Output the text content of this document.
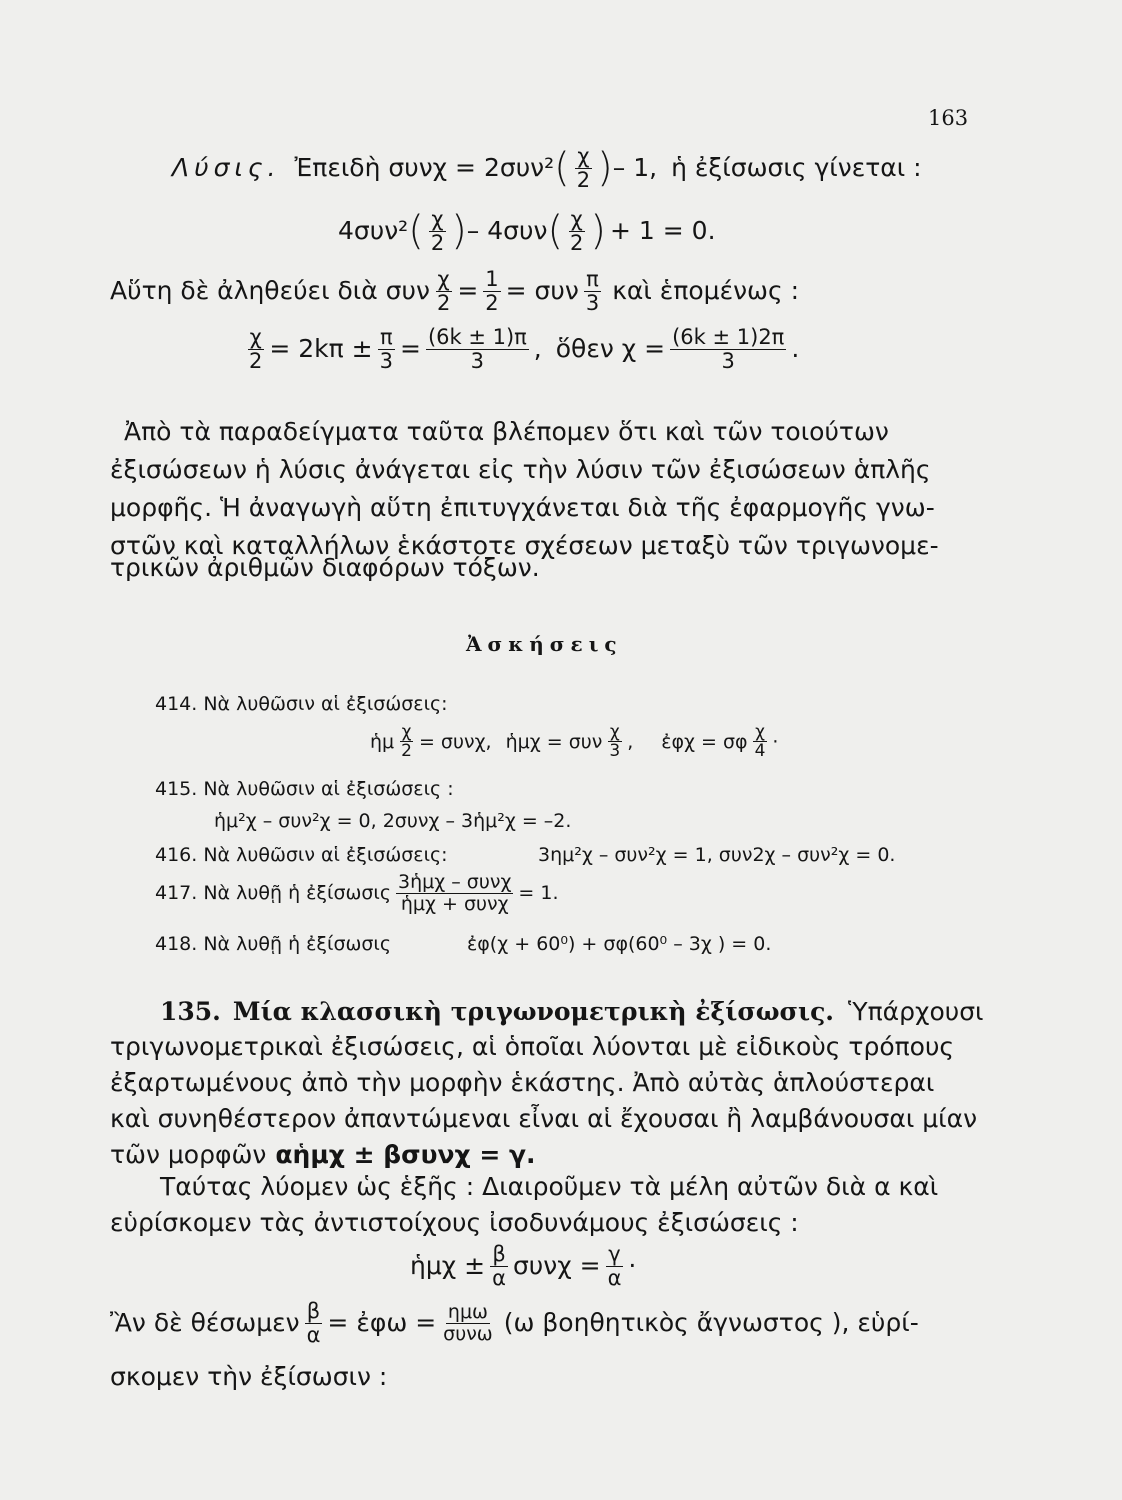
163
Λύσις. Ἐπειδὴ συνχ = 2συν² ( $\frac{\chi}{2}$ ) – 1, ἡ ἐξίσωσις γίνεται :
4συν² ( $\frac{\chi}{2}$ ) – 4συν ( $\frac{\chi}{2}$ ) + 1 = 0.
Αὕτη δὲ ἀληθεύει διὰ συν $\frac{\chi}{2} = \frac{1}{2} = \sigma\upsilon\nu \frac{\pi}{3}$ καὶ ἑπομένως :
$\frac{\chi}{2} = 2k\pi \pm \frac{\pi}{3} = \frac{(6k \pm 1)\pi}{3}$ , ὅθεν $\chi = \frac{(6k \pm 1)2\pi}{3}$ .
Ἀπὸ τὰ παραδείγματα ταῦτα βλέπομεν ὅτι καὶ τῶν τοιούτων
ἐξισώσεων ἡ λύσις ἀνάγεται εἰς τὴν λύσιν τῶν ἐξισώσεων ἁπλῆς
μορφῆς. Ἡ ἀναγωγὴ αὕτη ἐπιτυγχάνεται διὰ τῆς ἐφαρμογῆς γνω-
στῶν καὶ καταλλήλων ἑκάστοτε σχέσεων μεταξὺ τῶν τριγωνομε-
τρικῶν ἀριθμῶν διαφόρων τόξων.
Ἀσκήσεις
414. Νὰ λυθῶσιν αἱ ἐξισώσεις:
ἡμ $\frac{\chi}{2} = \sigma\upsilon\nu\chi$, ἡμχ = συν $\frac{\chi}{3}$ , ἐφχ = σφ $\frac{\chi}{4}$ ·
415. Νὰ λυθῶσιν αἱ ἐξισώσεις :
ἡμ²χ – συν²χ = 0, 2συνχ – 3ἡμ²χ = –2.
416. Νὰ λυθῶσιν αἱ ἐξισώσεις:	3ημ²χ – συν²χ = 1, συν2χ – συν²χ = 0.
417. Νὰ λυθῇ ἡ ἐξίσωσις $\frac{\text{3ἡμχ – συνχ}}{\text{ἡμχ + συνχ}} = 1$.
418. Νὰ λυθῇ ἡ ἐξίσωσις	ἐφ(χ + 60⁰) + σφ(60⁰ – 3χ ) = 0.
135. Μία κλασσικὴ τριγωνομετρικὴ ἐξίσωσις. Ὑπάρχουσι
τριγωνομετρικαὶ ἐξισώσεις, αἱ ὁποῖαι λύονται μὲ εἰδικοὺς τρόπους
ἐξαρτωμένους ἀπὸ τὴν μορφὴν ἑκάστης. Ἀπὸ αὐτὰς ἁπλούστεραι
καὶ συνηθέστερον ἀπαντώμεναι εἶναι αἱ ἔχουσαι ἢ λαμβάνουσαι μίαν
τῶν μορφῶν αἡμχ ± βσυνχ = γ.
Ταύτας λύομεν ὡς ἑξῆς : Διαιροῦμεν τὰ μέλη αὐτῶν διὰ α καὶ
εὑρίσκομεν τὰς ἀντιστοίχους ἰσοδυνάμους ἐξισώσεις :
ἡμχ ± $\frac{\beta}{\alpha}$ $\sigma\upsilon\nu\chi = \frac{\gamma}{\alpha}$ ·
Ἂν δὲ θέσωμεν $\frac{\beta}{\alpha}$ = ἐφω = $\frac{\text{ημω}}{\text{συνω}} (\omega$ βοηθητικὸς ἄγνωστος ), εὑρί-
σκομεν τὴν ἐξίσωσιν :
